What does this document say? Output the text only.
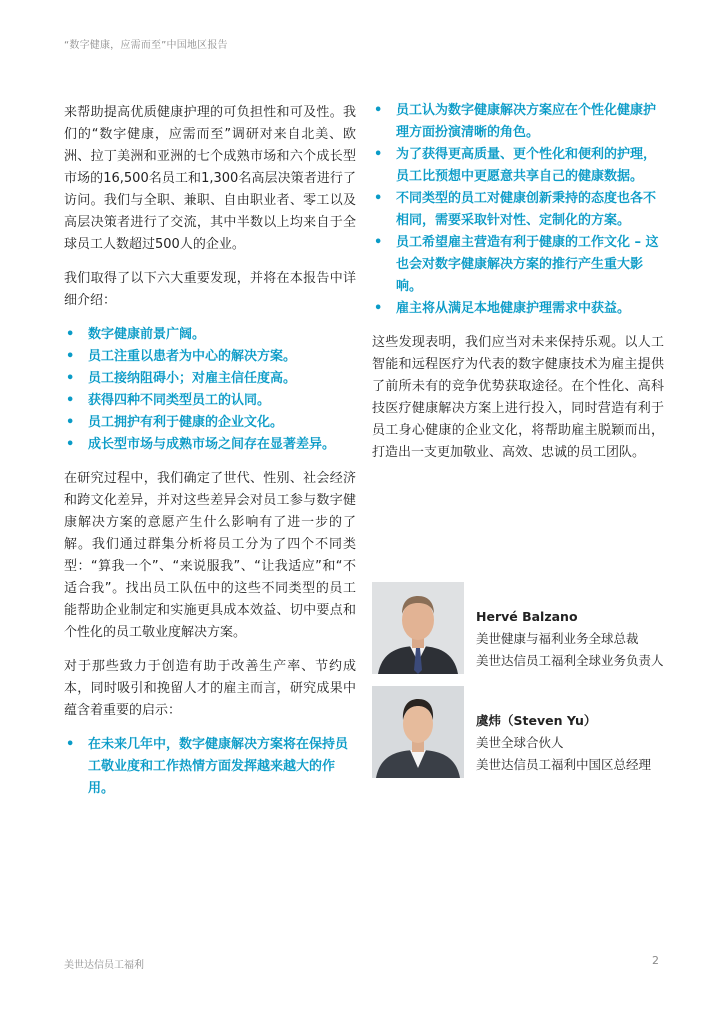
“数字健康，应需而至”中国地区报告

来帮助提高优质健康护理的可负担性和可及性。我们的“数字健康，应需而至”调研对来自北美、欧洲、拉丁美洲和亚洲的七个成熟市场和六个成长型市场的16,500名员工和1,300名高层决策者进行了访问。我们与全职、兼职、自由职业者、零工以及高层决策者进行了交流，其中半数以上均来自于全球员工人数超过500人的企业。

我们取得了以下六大重要发现，并将在本报告中详细介绍：

• 数字健康前景广阔。
• 员工注重以患者为中心的解决方案。
• 员工接纳阻碍小；对雇主信任度高。
• 获得四种不同类型员工的认同。
• 员工拥护有利于健康的企业文化。
• 成长型市场与成熟市场之间存在显著差异。

在研究过程中，我们确定了世代、性别、社会经济和跨文化差异，并对这些差异会对员工参与数字健康解决方案的意愿产生什么影响有了进一步的了解。我们通过群集分析将员工分为了四个不同类型：“算我一个”、“来说服我”、“让我适应”和“不适合我”。找出员工队伍中的这些不同类型的员工能帮助企业制定和实施更具成本效益、切中要点和个性化的员工敬业度解决方案。

对于那些致力于创造有助于改善生产率、节约成本，同时吸引和挽留人才的雇主而言，研究成果中蕴含着重要的启示：

• 在未来几年中，数字健康解决方案将在保持员工敬业度和工作热情方面发挥越来越大的作用。
• 员工认为数字健康解决方案应在个性化健康护理方面扮演清晰的角色。
• 为了获得更高质量、更个性化和便利的护理，员工比预想中更愿意共享自己的健康数据。
• 不同类型的员工对健康创新秉持的态度也各不相同，需要采取针对性、定制化的方案。
• 员工希望雇主营造有利于健康的工作文化 – 这也会对数字健康解决方案的推行产生重大影响。
• 雇主将从满足本地健康护理需求中获益。

这些发现表明，我们应当对未来保持乐观。以人工智能和远程医疗为代表的数字健康技术为雇主提供了前所未有的竞争优势获取途径。在个性化、高科技医疗健康解决方案上进行投入，同时营造有利于员工身心健康的企业文化，将帮助雇主脱颖而出，打造出一支更加敬业、高效、忠诚的员工团队。

Hervé Balzano
美世健康与福利业务全球总裁
美世达信员工福利全球业务负责人
虞炜（Steven Yu）
美世全球合伙人
美世达信员工福利中国区总经理
美世达信员工福利	2
